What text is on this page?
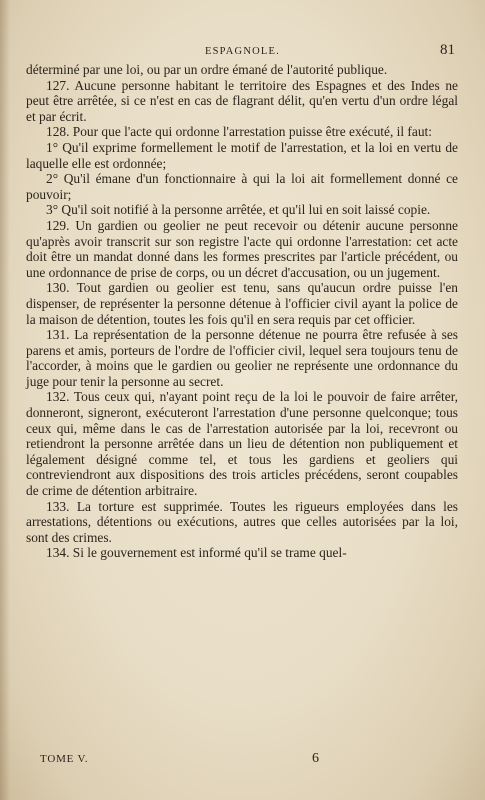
ESPAGNOLE.	81

déterminé par une loi, ou par un ordre émané de l'autorité publique.

127. Aucune personne habitant le territoire des Espagnes et des Indes ne peut être arrêtée, si ce n'est en cas de flagrant délit, qu'en vertu d'un ordre légal et par écrit.

128. Pour que l'acte qui ordonne l'arrestation puisse être exécuté, il faut:

1° Qu'il exprime formellement le motif de l'arrestation, et la loi en vertu de laquelle elle est ordonnée;

2° Qu'il émane d'un fonctionnaire à qui la loi ait formellement donné ce pouvoir;

3° Qu'il soit notifié à la personne arrêtée, et qu'il lui en soit laissé copie.

129. Un gardien ou geolier ne peut recevoir ou détenir aucune personne qu'après avoir transcrit sur son registre l'acte qui ordonne l'arrestation: cet acte doit être un mandat donné dans les formes prescrites par l'article précédent, ou une ordonnance de prise de corps, ou un décret d'accusation, ou un jugement.

130. Tout gardien ou geolier est tenu, sans qu'aucun ordre puisse l'en dispenser, de représenter la personne détenue à l'officier civil ayant la police de la maison de détention, toutes les fois qu'il en sera requis par cet officier.

131. La représentation de la personne détenue ne pourra être refusée à ses parens et amis, porteurs de l'ordre de l'officier civil, lequel sera toujours tenu de l'accorder, à moins que le gardien ou geolier ne représente une ordonnance du juge pour tenir la personne au secret.

132. Tous ceux qui, n'ayant point reçu de la loi le pouvoir de faire arrêter, donneront, signeront, exécuteront l'arrestation d'une personne quelconque; tous ceux qui, même dans le cas de l'arrestation autorisée par la loi, recevront ou retiendront la personne arrêtée dans un lieu de détention non publiquement et légalement désigné comme tel, et tous les gardiens et geoliers qui contreviendront aux dispositions des trois articles précédens, seront coupables de crime de détention arbitraire.

133. La torture est supprimée. Toutes les rigueurs employées dans les arrestations, détentions ou exécutions, autres que celles autorisées par la loi, sont des crimes.

134. Si le gouvernement est informé qu'il se trame quel-

TOME V.	6
